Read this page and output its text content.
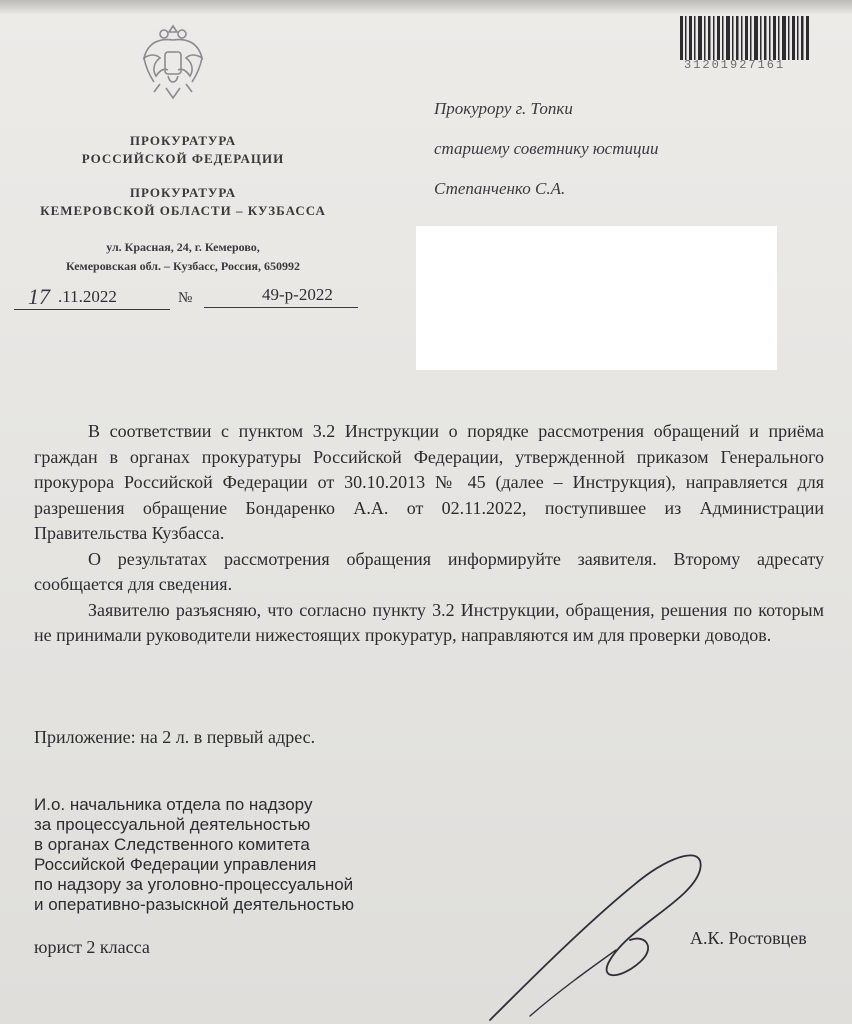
ПРОКУРАТУРА
РОССИЙСКОЙ ФЕДЕРАЦИИ
ПРОКУРАТУРА
КЕМЕРОВСКОЙ ОБЛАСТИ – КУЗБАССА
ул. Красная, 24, г. Кемерово,
Кемеровская обл. – Кузбасс, Россия, 650992
17 .11.2022	№	49-р-2022
31201927161
Прокурору г. Топки
старшему советнику юстиции
Степанченко С.А.

В соответствии с пунктом 3.2 Инструкции о порядке рассмотрения обращений и приёма граждан в органах прокуратуры Российской Федерации, утвержденной приказом Генерального прокурора Российской Федерации от 30.10.2013 № 45 (далее – Инструкция), направляется для разрешения обращение Бондаренко А.А. от 02.11.2022, поступившее из Администрации Правительства Кузбасса.

О результатах рассмотрения обращения информируйте заявителя. Второму адресату сообщается для сведения.

Заявителю разъясняю, что согласно пункту 3.2 Инструкции, обращения, решения по которым не принимали руководители нижестоящих прокуратур, направляются им для проверки доводов.

Приложение: на 2 л. в первый адрес.
И.о. начальника отдела по надзору
за процессуальной деятельностью
в органах Следственного комитета
Российской Федерации управления
по надзору за уголовно-процессуальной
и оперативно-разыскной деятельностью
юрист 2 класса	А.К. Ростовцев
